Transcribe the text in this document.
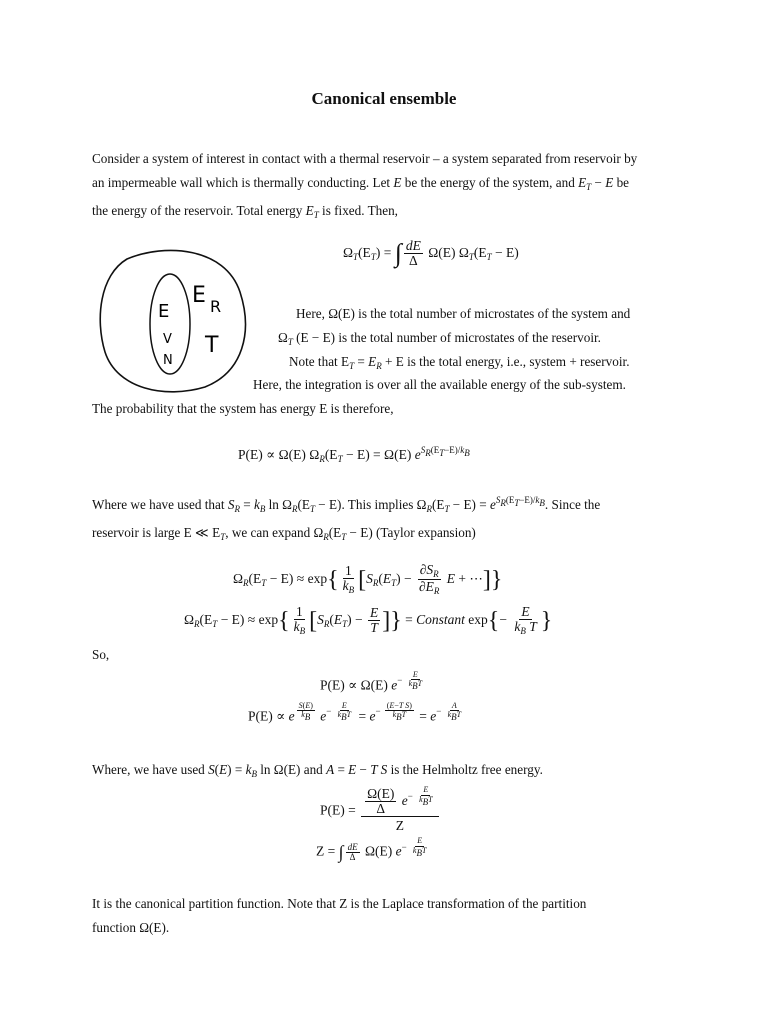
Canonical ensemble
Consider a system of interest in contact with a thermal reservoir – a system separated from reservoir by
an impermeable wall which is thermally conducting. Let E be the energy of the system, and $E_T - E$ be
the energy of the reservoir. Total energy $E_T$ is fixed. Then,
$\Omega_T(E_T)$ = ∫ $\frac{dE}{\Delta} \Omega(E) \Omega_T(E_T - E)$
E R
T
E
V
N
Here, Ω(E) is the total number of microstates of the system and
$\Omega_T$ (E − E) is the total number of microstates of the reservoir.
Note that $E_T = E_R + E$ is the total energy, i.e., system + reservoir.
Here, the integration is over all the available energy of the sub-system.
The probability that the system has energy E is therefore,
P(E) ∝ Ω(E) $\Omega_R(E_T - E) = \Omega(E)$ $e^{S_R(E_T-E)/k_B}$
Where we have used that $S_R = k_B$ $\ln \Omega_R(E_T - E)$. This implies $\Omega_R(E_T - E) = e^{S_R(E_T-E)/k_B}$. Since the
reservoir is large E ≪ $E_T$, we can expand $\Omega_R(E_T - E)$ (Taylor expansion)
$\Omega_R(E_T - E) \approx \exp\{ \frac{1}{k_B} [S_R(E_T) - \frac{\partial S_R}{\partial E_R}$ E + ⋯]}
$\Omega_R(E_T - E) \approx \exp\{ \frac{1}{k_B} [S_R(E_T) - \frac{E}{T}$ ]} = Constant $\exp\{- \frac{E}{k_B T}$ }
So,
P(E) ∝ Ω(E) $e^{- \frac{E}{k_BT}}$
P(E) ∝ e $^{\frac{S(E)}{k_B}}$ $e^{- \frac{E}{k_BT}} = e^{- \frac{\text{(E−T S)}}{k_BT}} = e^{- \frac{A}{k_BT}}$
Where, we have used $S(E) = k_B$ ln Ω(E) and A = E − T S is the Helmholtz free energy.
$P(E) = \frac{\Omega(E)}{\Delta} e^{- \frac{E}{k_BT}}$
Z
Z = ∫ $\frac{dE}{\Delta} \Omega(E)$ $e^{- \frac{E}{k_BT}}$
It is the canonical partition function. Note that Z is the Laplace transformation of the partition
function Ω(E).
